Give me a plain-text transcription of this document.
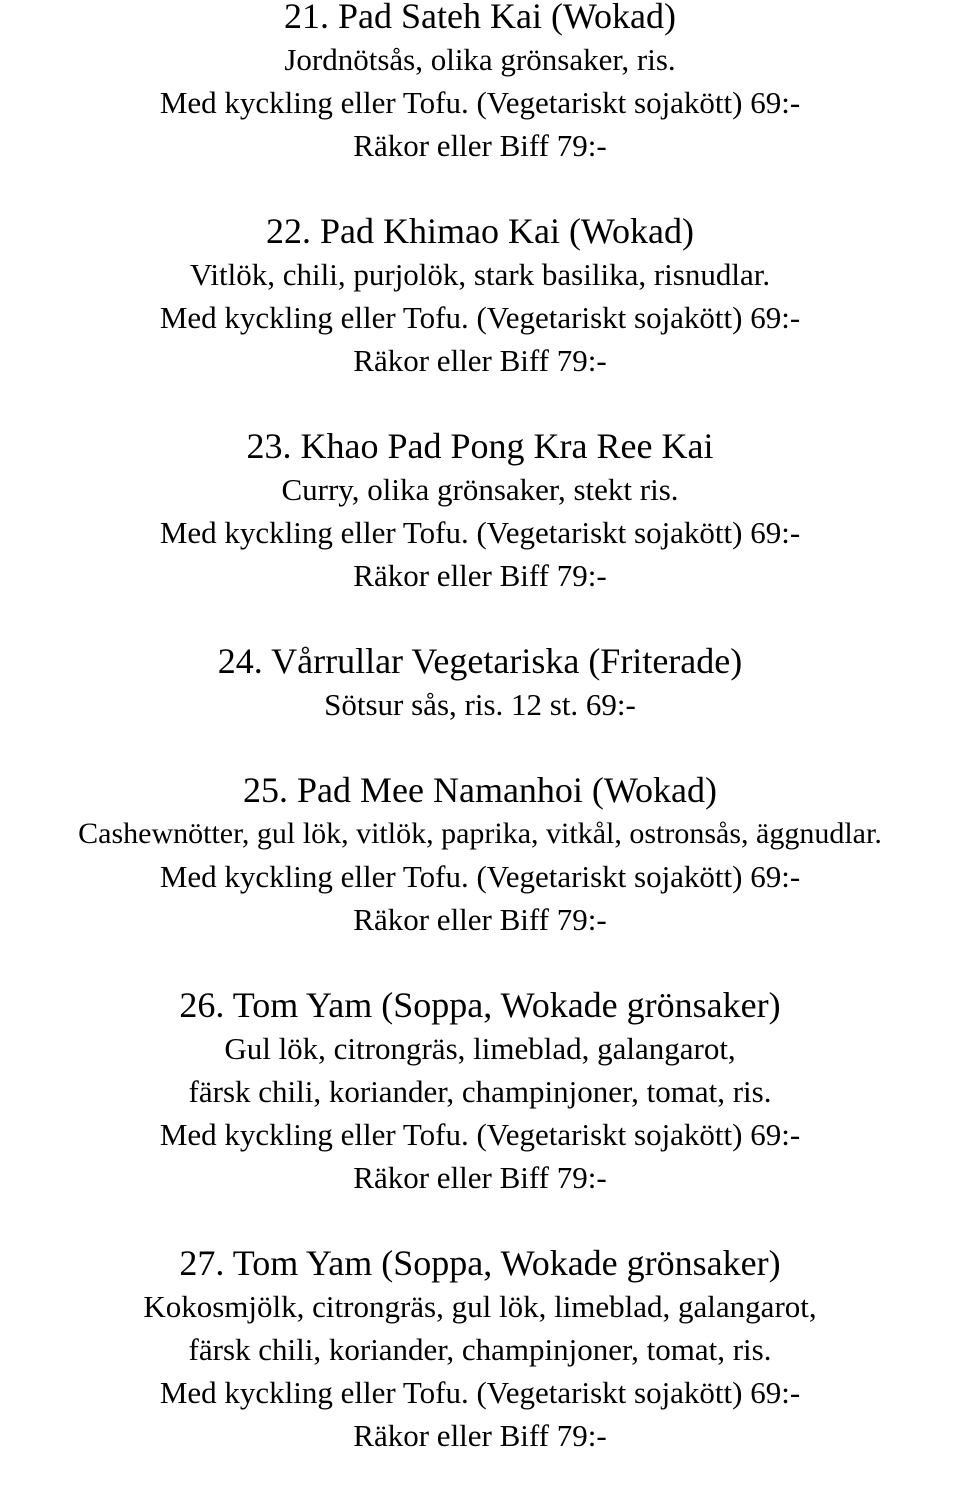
21. Pad Sateh Kai (Wokad)
Jordnötsås, olika grönsaker, ris.
Med kyckling eller Tofu. (Vegetariskt sojakött) 69:-
Räkor eller Biff 79:-
22. Pad Khimao Kai (Wokad)
Vitlök, chili, purjolök, stark basilika, risnudlar.
Med kyckling eller Tofu. (Vegetariskt sojakött) 69:-
Räkor eller Biff 79:-
23. Khao Pad Pong Kra Ree Kai
Curry, olika grönsaker, stekt ris.
Med kyckling eller Tofu. (Vegetariskt sojakött) 69:-
Räkor eller Biff 79:-
24. Vårrullar Vegetariska (Friterade)
Sötsur sås, ris. 12 st. 69:-
25. Pad Mee Namanhoi (Wokad)
Cashewnötter, gul lök, vitlök, paprika, vitkål, ostronsås, äggnudlar.
Med kyckling eller Tofu. (Vegetariskt sojakött) 69:-
Räkor eller Biff 79:-
26. Tom Yam (Soppa, Wokade grönsaker)
Gul lök, citrongräs, limeblad, galangarot,
färsk chili, koriander, champinjoner, tomat, ris.
Med kyckling eller Tofu. (Vegetariskt sojakött) 69:-
Räkor eller Biff 79:-
27. Tom Yam (Soppa, Wokade grönsaker)
Kokosmjölk, citrongräs, gul lök, limeblad, galangarot,
färsk chili, koriander, champinjoner, tomat, ris.
Med kyckling eller Tofu. (Vegetariskt sojakött) 69:-
Räkor eller Biff 79:-
